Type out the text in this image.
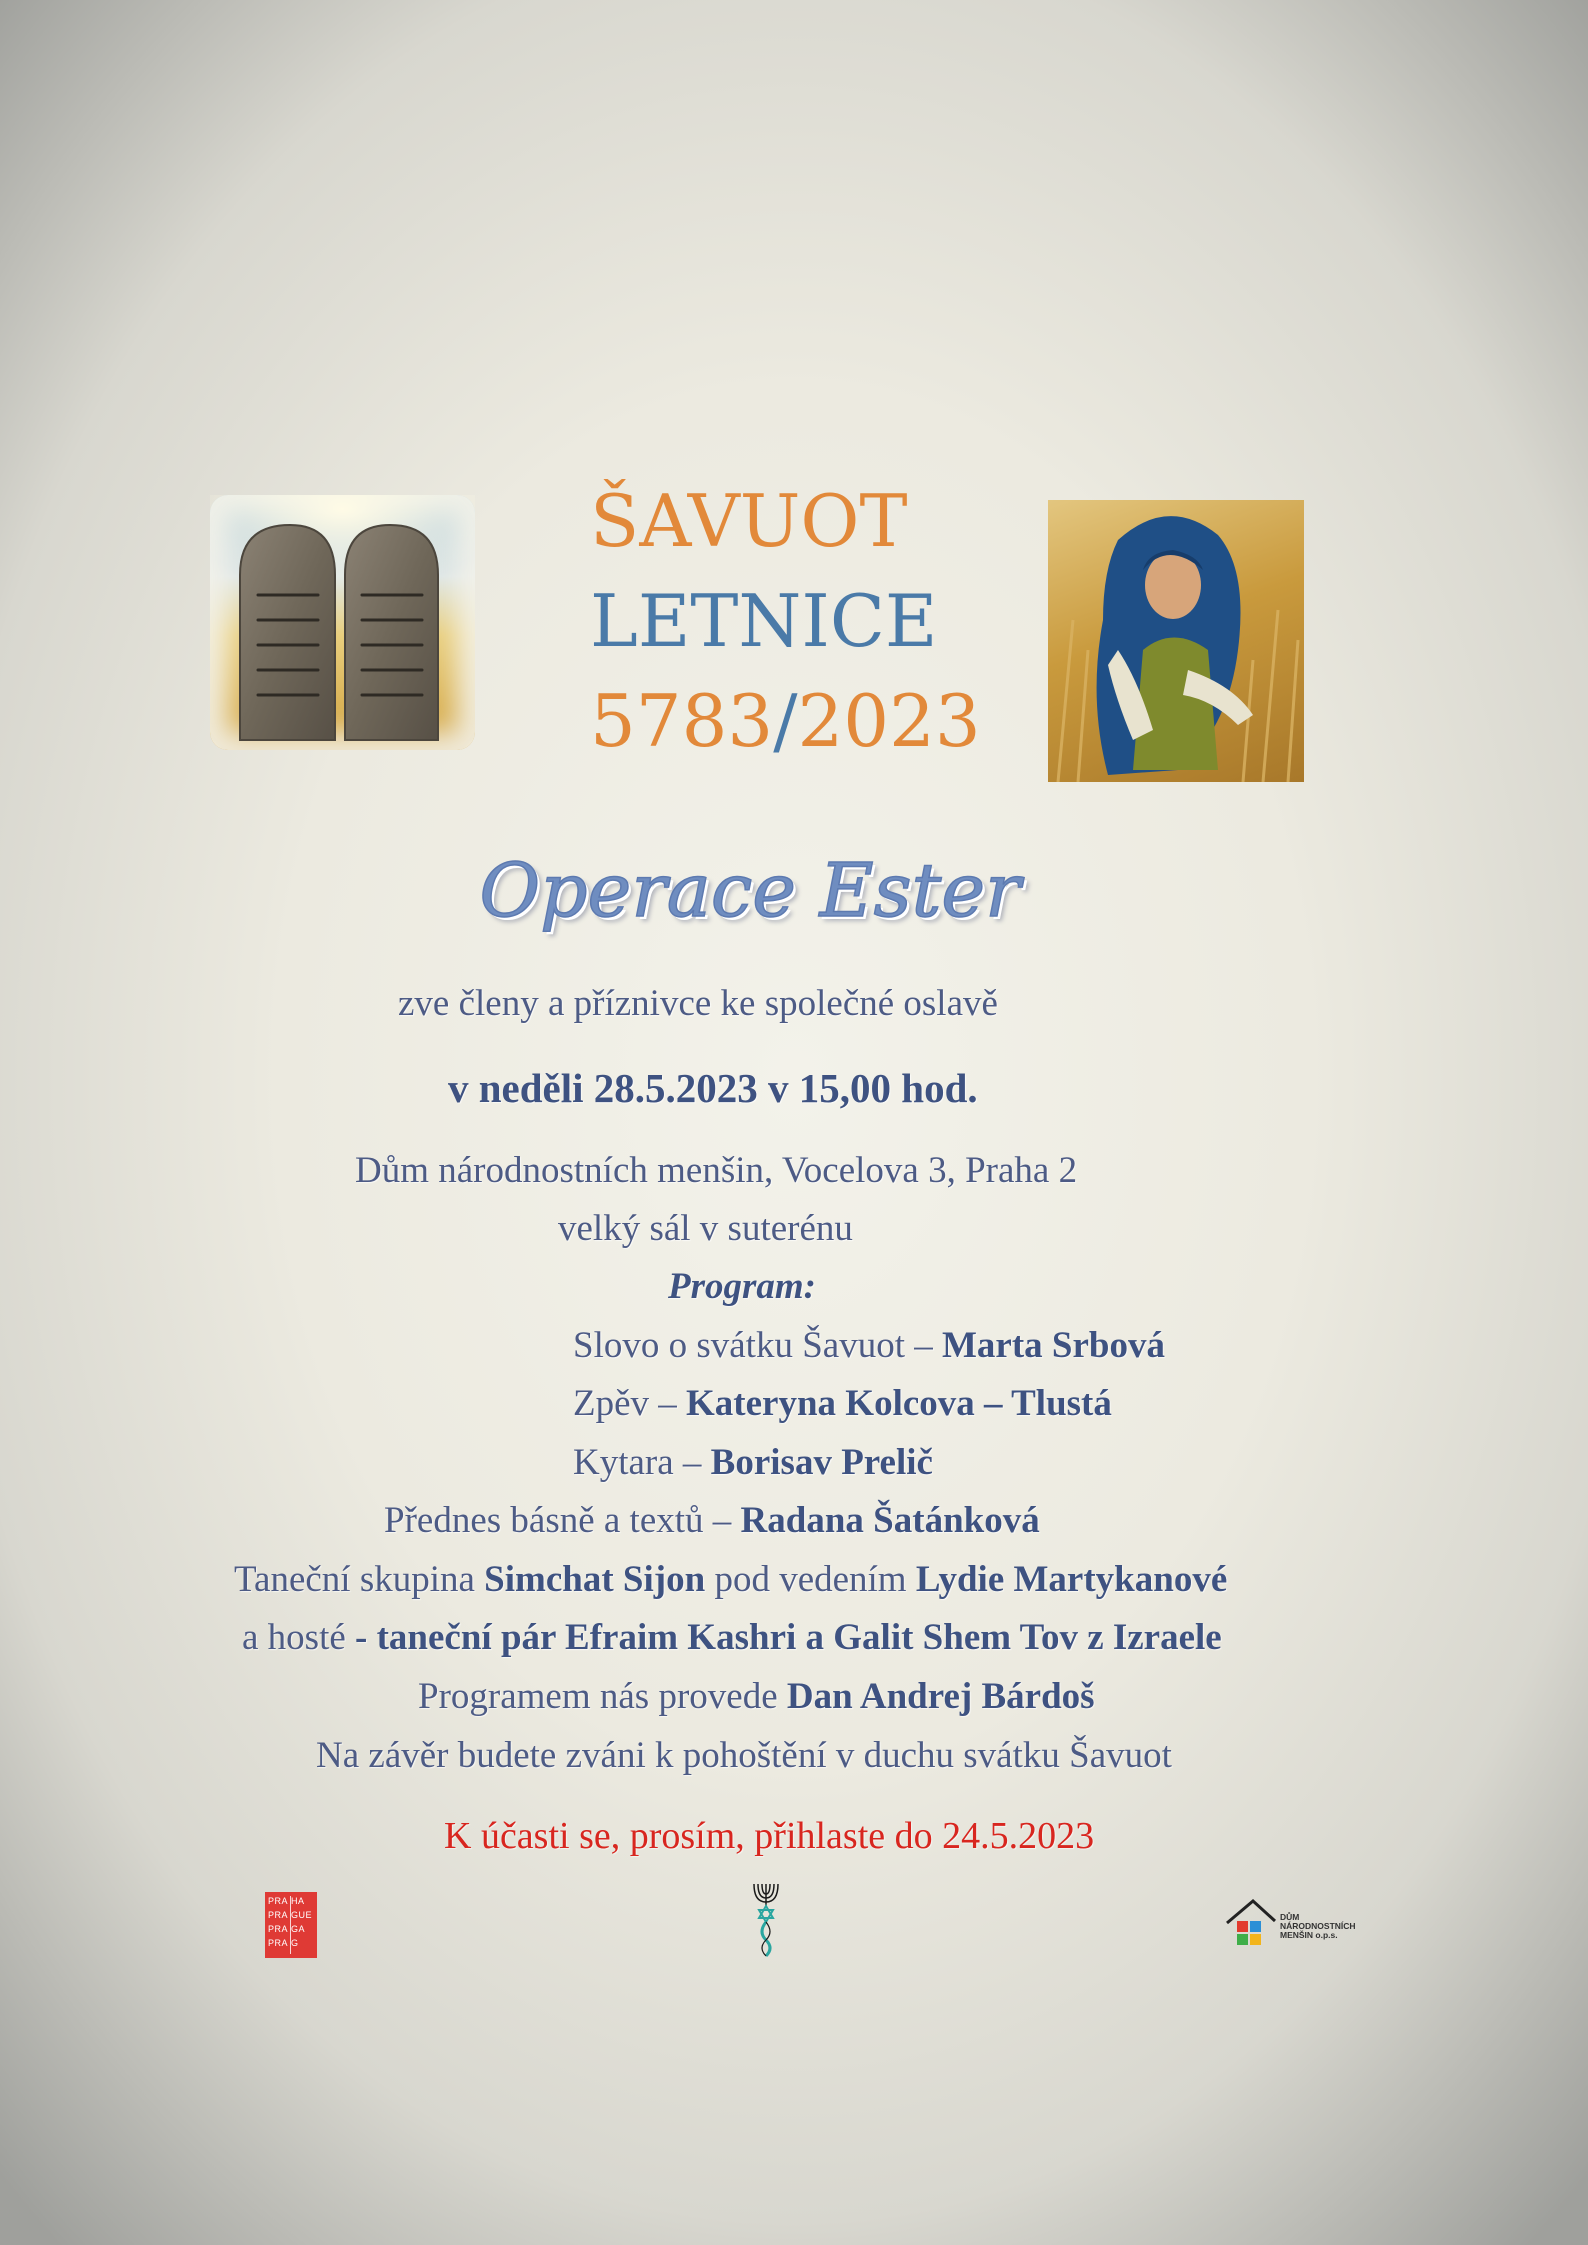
ŠAVUOT
LETNICE
5783/2023
Operace Ester
zve členy a příznivce ke společné oslavě
v neděli 28.5.2023 v 15,00 hod.
Dům národnostních menšin, Vocelova 3, Praha 2
velký sál v suterénu
Program:
Slovo o svátku Šavuot – Marta Srbová
Zpěv – Kateryna Kolcova – Tlustá
Kytara – Borisav Prelič
Přednes básně a textů – Radana Šatánková
Taneční skupina Simchat Sijon pod vedením Lydie Martykanové
a hosté - taneční pár Efraim Kashri a Galit Shem Tov z Izraele
Programem nás provede Dan Andrej Bárdoš
Na závěr budete zváni k pohoštění v duchu svátku Šavuot
K účasti se, prosím, přihlaste do 24.5.2023
PRA HA
PRA GUE
PRA GA
PRA G
DŮM
NÁRODNOSTNÍCH
MENŠIN o.p.s.
